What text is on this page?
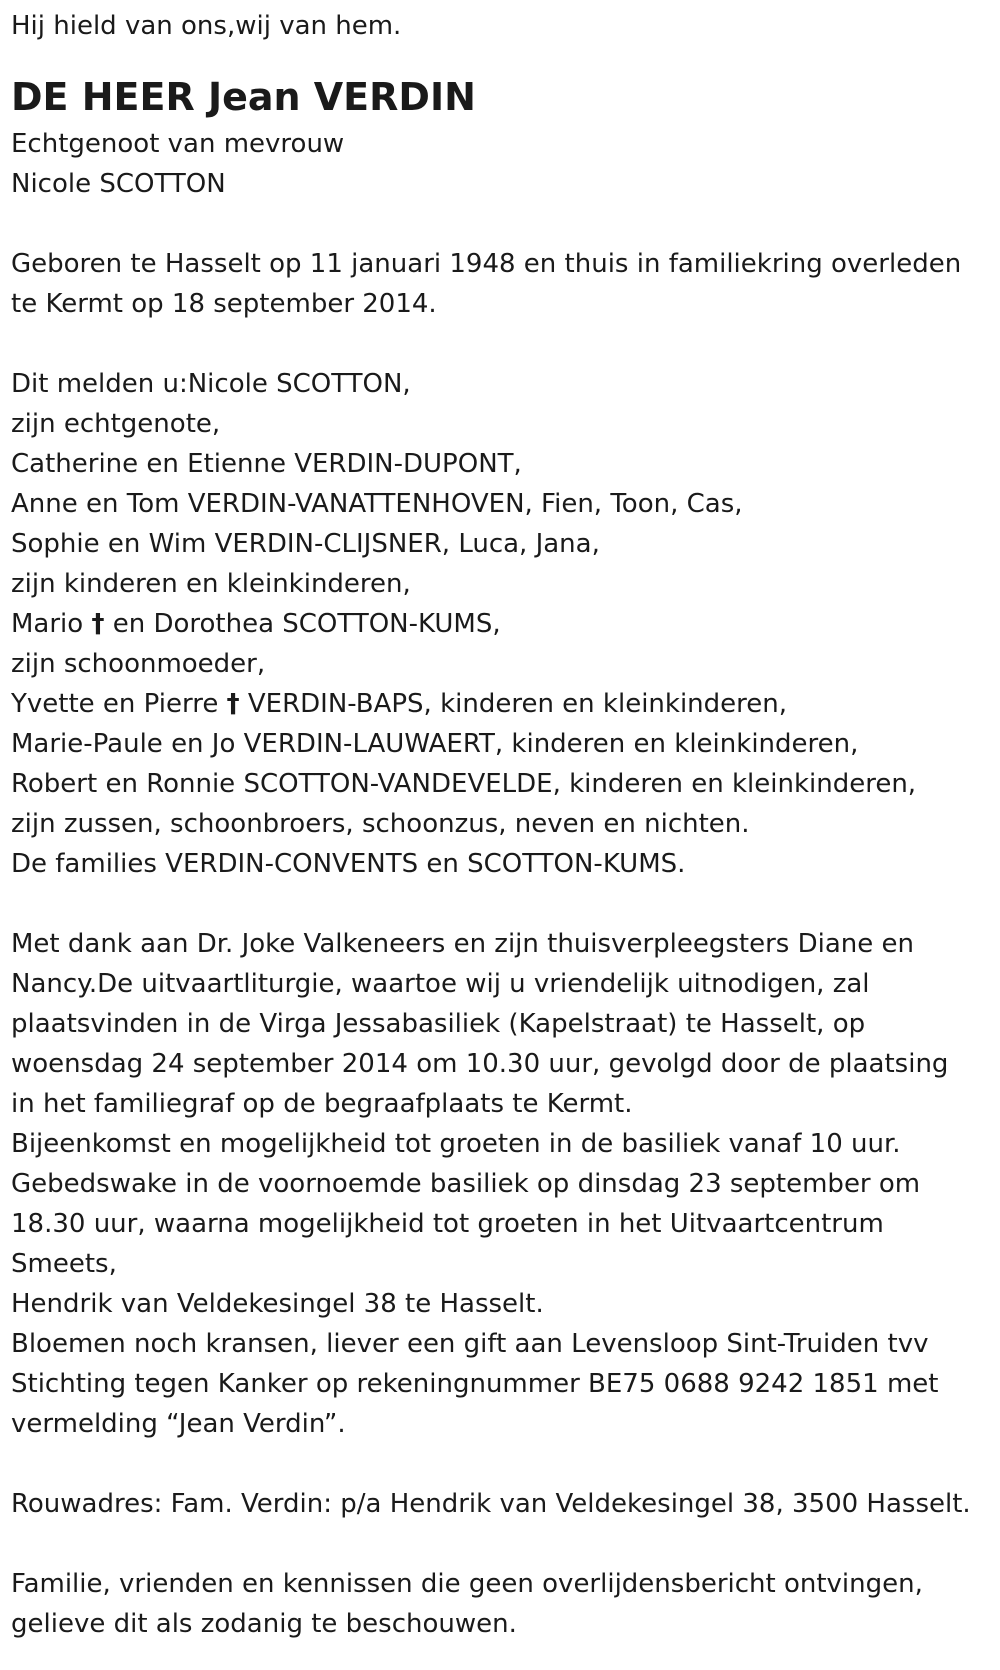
Hij hield van ons,wij van hem.
DE HEER Jean VERDIN
Echtgenoot van mevrouw
Nicole SCOTTON
Geboren te Hasselt op 11 januari 1948 en thuis in familiekring overleden
te Kermt op 18 september 2014.
Dit melden u:Nicole SCOTTON,
zijn echtgenote,
Catherine en Etienne VERDIN-DUPONT,
Anne en Tom VERDIN-VANATTENHOVEN, Fien, Toon, Cas,
Sophie en Wim VERDIN-CLIJSNER, Luca, Jana,
zijn kinderen en kleinkinderen,
Mario † en Dorothea SCOTTON-KUMS,
zijn schoonmoeder,
Yvette en Pierre † VERDIN-BAPS, kinderen en kleinkinderen,
Marie-Paule en Jo VERDIN-LAUWAERT, kinderen en kleinkinderen,
Robert en Ronnie SCOTTON-VANDEVELDE, kinderen en kleinkinderen,
zijn zussen, schoonbroers, schoonzus, neven en nichten.
De families VERDIN-CONVENTS en SCOTTON-KUMS.
Met dank aan Dr. Joke Valkeneers en zijn thuisverpleegsters Diane en
Nancy.De uitvaartliturgie, waartoe wij u vriendelijk uitnodigen, zal
plaatsvinden in de Virga Jessabasiliek (Kapelstraat) te Hasselt, op
woensdag 24 september 2014 om 10.30 uur, gevolgd door de plaatsing
in het familiegraf op de begraafplaats te Kermt.
Bijeenkomst en mogelijkheid tot groeten in de basiliek vanaf 10 uur.
Gebedswake in de voornoemde basiliek op dinsdag 23 september om
18.30 uur, waarna mogelijkheid tot groeten in het Uitvaartcentrum
Smeets,
Hendrik van Veldekesingel 38 te Hasselt.
Bloemen noch kransen, liever een gift aan Levensloop Sint-Truiden tvv
Stichting tegen Kanker op rekeningnummer BE75 0688 9242 1851 met
vermelding “Jean Verdin”.
Rouwadres: Fam. Verdin: p/a Hendrik van Veldekesingel 38, 3500 Hasselt.
Familie, vrienden en kennissen die geen overlijdensbericht ontvingen,
gelieve dit als zodanig te beschouwen.
